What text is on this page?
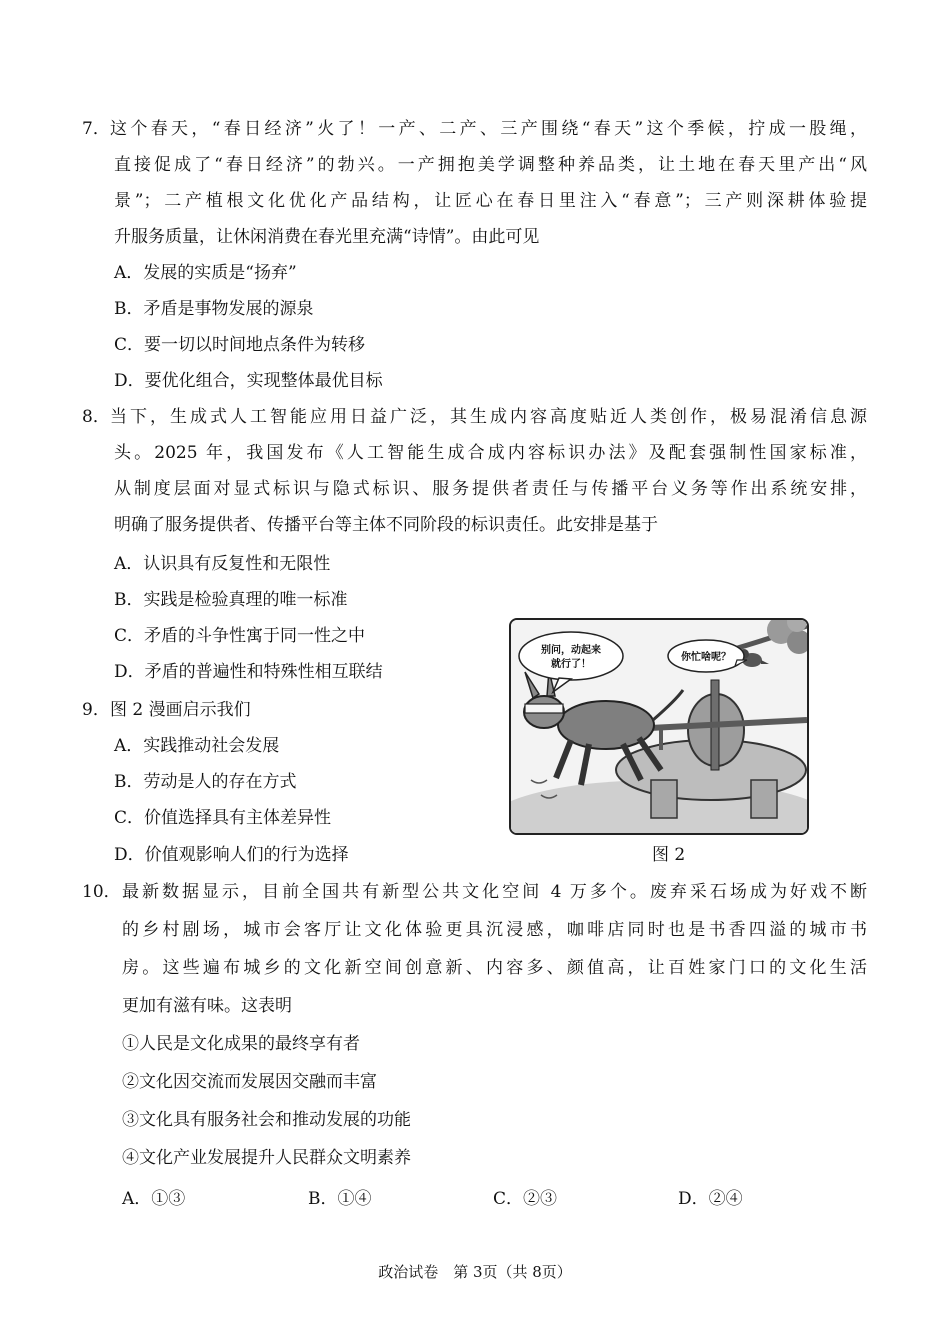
7． 这个春天，“春日经济”火了！一产、二产、三产围绕“春天”这个季候，拧成一股绳，
直接促成了“春日经济”的勃兴。一产拥抱美学调整种养品类，让土地在春天里产出“风
景”；二产植根文化优化产品结构，让匠心在春日里注入“春意”；三产则深耕体验提
升服务质量，让休闲消费在春光里充满“诗情”。由此可见
A．发展的实质是“扬弃”
B．矛盾是事物发展的源泉
C．要一切以时间地点条件为转移
D．要优化组合，实现整体最优目标
8． 当下，生成式人工智能应用日益广泛，其生成内容高度贴近人类创作，极易混淆信息源
头。2025 年，我国发布《人工智能生成合成内容标识办法》及配套强制性国家标准，
从制度层面对显式标识与隐式标识、服务提供者责任与传播平台义务等作出系统安排，
明确了服务提供者、传播平台等主体不同阶段的标识责任。此安排是基于
A．认识具有反复性和无限性
B．实践是检验真理的唯一标准
C．矛盾的斗争性寓于同一性之中
D．矛盾的普遍性和特殊性相互联结
9． 图 2 漫画启示我们
A．实践推动社会发展
B．劳动是人的存在方式
C．价值选择具有主体差异性
D．价值观影响人们的行为选择
别问，动起来
就行了！
你忙啥呢？
图 2
10． 最新数据显示，目前全国共有新型公共文化空间 4 万多个。废弃采石场成为好戏不断
的乡村剧场，城市会客厅让文化体验更具沉浸感，咖啡店同时也是书香四溢的城市书
房。这些遍布城乡的文化新空间创意新、内容多、颜值高，让百姓家门口的文化生活
更加有滋有味。这表明
①人民是文化成果的最终享有者
②文化因交流而发展因交融而丰富
③文化具有服务社会和推动发展的功能
④文化产业发展提升人民群众文明素养
A．①③	B．①④	C．②③	D．②④
政治试卷　第 3页（共 8页）
